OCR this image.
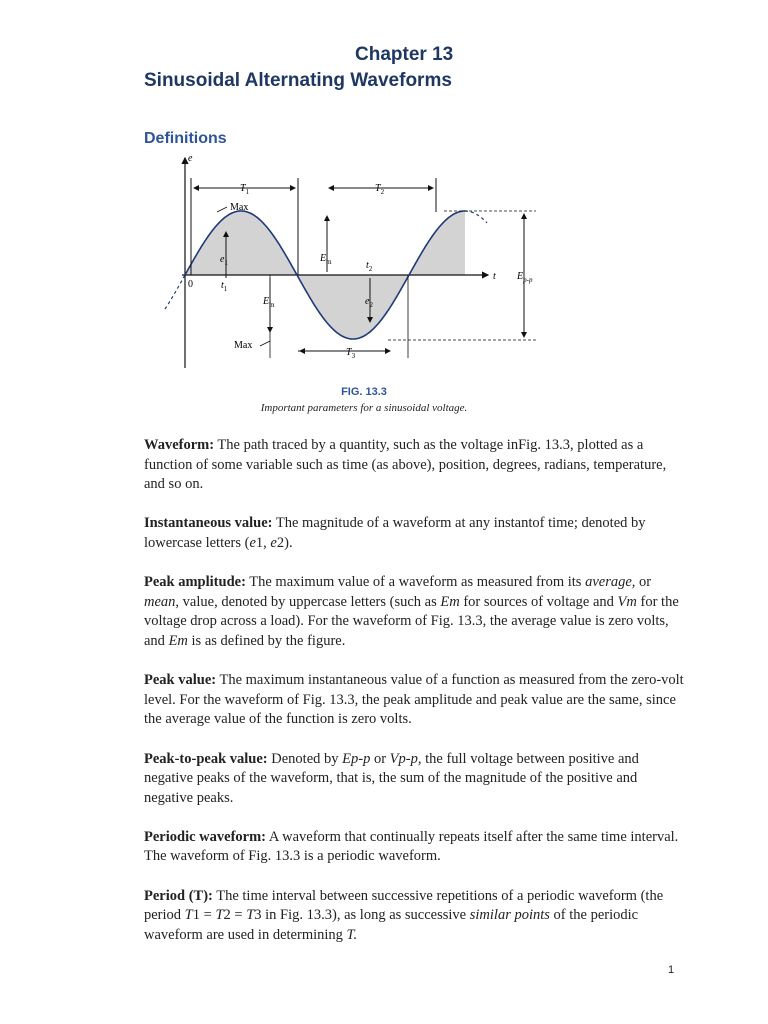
Chapter 13
Sinusoidal Alternating Waveforms
Definitions
e
t
0
$T_1$	$T_2$
$T_3$
Max
Max
$e_1$
$t_1$
$E_m$
$E_m$	$t_2$
$e_2$
$E_{p-p}$
FIG. 13.3
Important parameters for a sinusoidal voltage.

Waveform: The path traced by a quantity, such as the voltage inFig. 13.3, plotted as a function of some variable such as time (as above), position, degrees, radians, temperature, and so on.

Instantaneous value: The magnitude of a waveform at any instantof time; denoted by lowercase letters (e1, e2).

Peak amplitude: The maximum value of a waveform as measured from its average, or mean, value, denoted by uppercase letters (such as Em for sources of voltage and Vm for the voltage drop across a load). For the waveform of Fig. 13.3, the average value is zero volts, and Em is as defined by the figure.

Peak value: The maximum instantaneous value of a function as measured from the zero-volt level. For the waveform of Fig. 13.3, the peak amplitude and peak value are the same, since the average value of the function is zero volts.

Peak-to-peak value: Denoted by Ep-p or Vp-p, the full voltage between positive and negative peaks of the waveform, that is, the sum of the magnitude of the positive and negative peaks.

Periodic waveform: A waveform that continually repeats itself after the same time interval. The waveform of Fig. 13.3 is a periodic waveform.

Period (T): The time interval between successive repetitions of a periodic waveform (the period T1 = T2 = T3 in Fig. 13.3), as long as successive similar points of the periodic waveform are used in determining T.

1
